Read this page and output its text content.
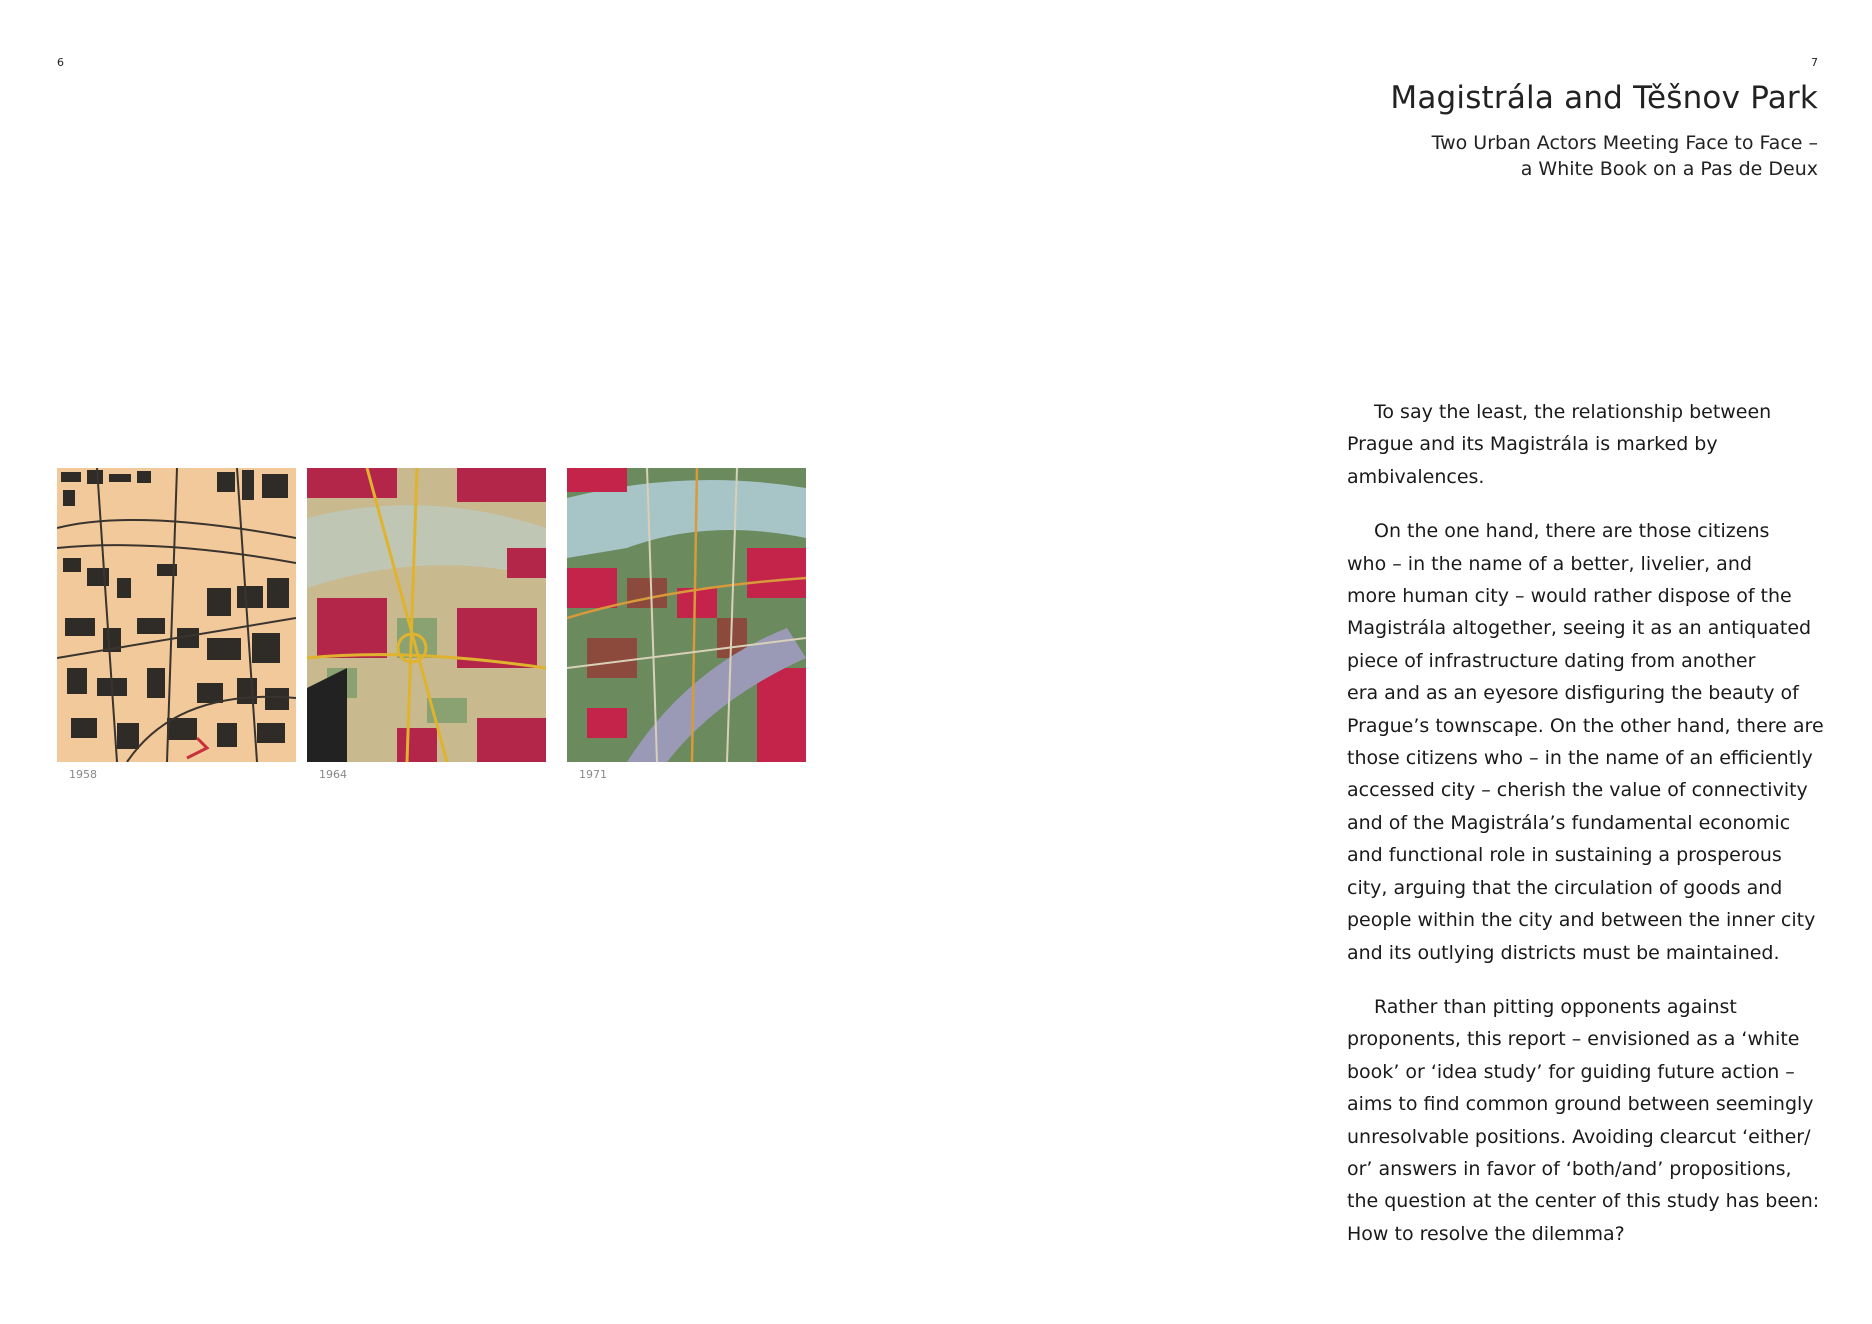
6	7
Magistrála and Těšnov Park
Two Urban Actors Meeting Face to Face –
a White Book on a Pas de Deux
1958	1964	1971
To say the least, the relationship between
Prague and its Magistrála is marked by
ambivalences.
On the one hand, there are those citizens
who – in the name of a better, livelier, and
more human city – would rather dispose of the
Magistrála altogether, seeing it as an antiquated
piece of infrastructure dating from another
era and as an eyesore disfiguring the beauty of
Prague’s townscape. On the other hand, there are
those citizens who – in the name of an efficiently
accessed city – cherish the value of connectivity
and of the Magistrála’s fundamental economic
and functional role in sustaining a prosperous
city, arguing that the circulation of goods and
people within the city and between the inner city
and its outlying districts must be maintained.
Rather than pitting opponents against
proponents, this report – envisioned as a ‘white
book’ or ‘idea study’ for guiding future action –
aims to find common ground between seemingly
unresolvable positions. Avoiding clearcut ‘either/
or’ answers in favor of ‘both/and’ propositions,
the question at the center of this study has been:
How to resolve the dilemma?
